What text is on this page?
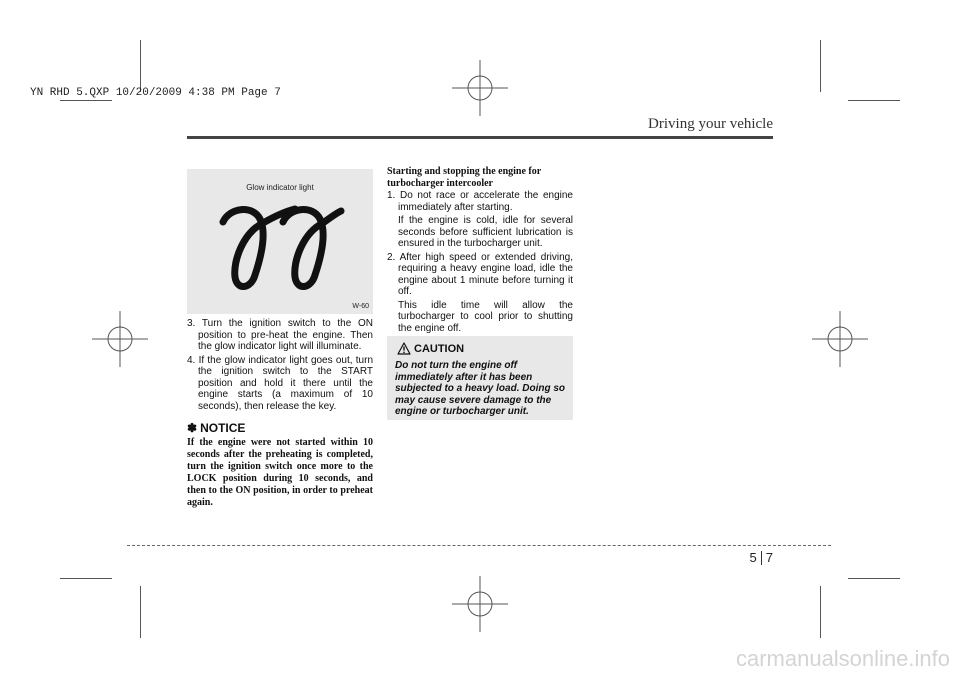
YN RHD 5.QXP 10/20/2009 4:38 PM Page 7
Driving your vehicle
Glow indicator light
W-60
3. Turn the ignition switch to the ON position to pre-heat the engine. Then the glow indicator light will illuminate.
4. If the glow indicator light goes out, turn the ignition switch to the START position and hold it there until the engine starts (a maximum of 10 seconds), then release the key.
✽ NOTICE

If the engine were not started within 10 seconds after the preheating is completed, turn the ignition switch once more to the LOCK position during 10 seconds, and then to the ON position, in order to preheat again.

Starting and stopping the engine for turbocharger intercooler

1. Do not race or accelerate the engine immediately after starting.

If the engine is cold, idle for several seconds before sufficient lubrication is ensured in the turbocharger unit.

2. After high speed or extended driving, requiring a heavy engine load, idle the engine about 1 minute before turning it off.

This idle time will allow the turbocharger to cool prior to shutting the engine off.

CAUTION

Do not turn the engine off immediately after it has been subjected to a heavy load. Doing so may cause severe damage to the engine or turbocharger unit.

5 7
carmanualsonline.info
